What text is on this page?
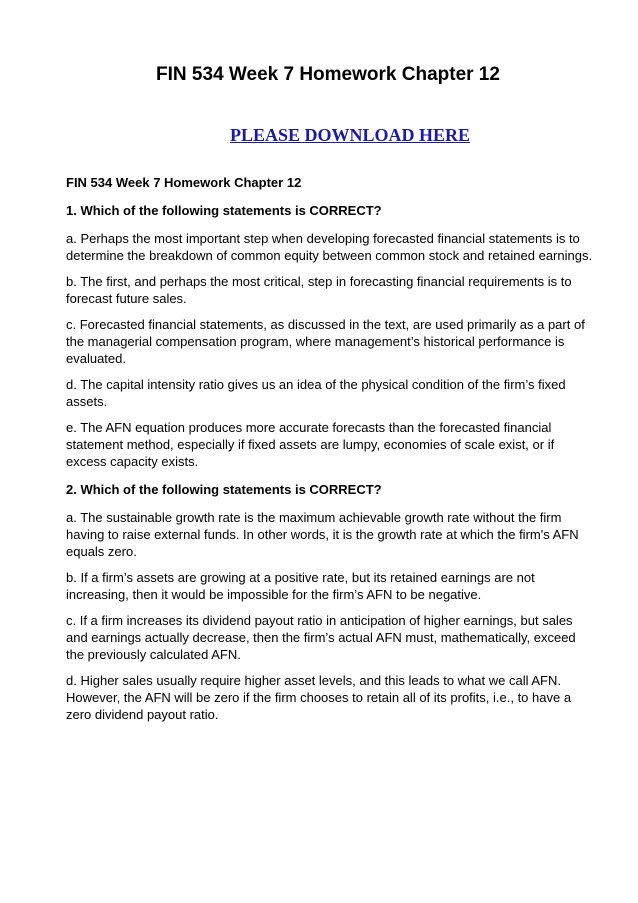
FIN 534 Week 7 Homework Chapter 12
PLEASE DOWNLOAD HERE
FIN 534 Week 7 Homework Chapter 12
1. Which of the following statements is CORRECT?
a. Perhaps the most important step when developing forecasted financial statements is to determine the breakdown of common equity between common stock and retained earnings.
b. The first, and perhaps the most critical, step in forecasting financial requirements is to forecast future sales.
c. Forecasted financial statements, as discussed in the text, are used primarily as a part of the managerial compensation program, where management’s historical performance is evaluated.
d. The capital intensity ratio gives us an idea of the physical condition of the firm’s fixed assets.
e. The AFN equation produces more accurate forecasts than the forecasted financial statement method, especially if fixed assets are lumpy, economies of scale exist, or if excess capacity exists.
2. Which of the following statements is CORRECT?
a. The sustainable growth rate is the maximum achievable growth rate without the firm having to raise external funds. In other words, it is the growth rate at which the firm's AFN equals zero.
b. If a firm’s assets are growing at a positive rate, but its retained earnings are not increasing, then it would be impossible for the firm’s AFN to be negative.
c. If a firm increases its dividend payout ratio in anticipation of higher earnings, but sales and earnings actually decrease, then the firm’s actual AFN must, mathematically, exceed the previously calculated AFN.
d. Higher sales usually require higher asset levels, and this leads to what we call AFN. However, the AFN will be zero if the firm chooses to retain all of its profits, i.e., to have a zero dividend payout ratio.
